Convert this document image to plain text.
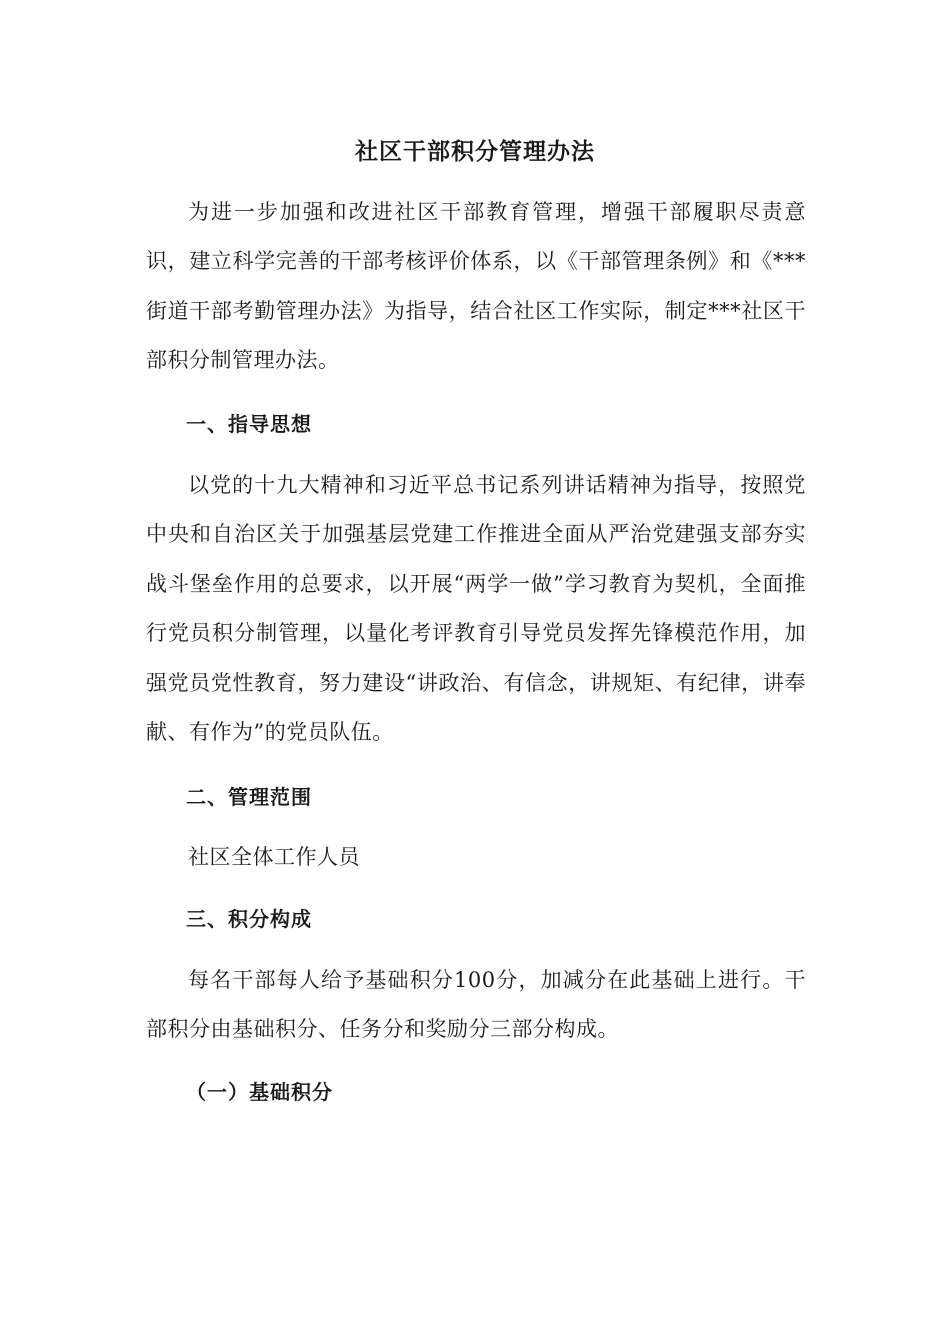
社区干部积分管理办法

为进一步加强和改进社区干部教育管理，增强干部履职尽责意识，建立科学完善的干部考核评价体系，以《干部管理条例》和《***街道干部考勤管理办法》为指导，结合社区工作实际，制定***社区干部积分制管理办法。

一、指导思想

以党的十九大精神和习近平总书记系列讲话精神为指导，按照党中央和自治区关于加强基层党建工作推进全面从严治党建强支部夯实战斗堡垒作用的总要求，以开展“两学一做”学习教育为契机，全面推行党员积分制管理，以量化考评教育引导党员发挥先锋模范作用，加强党员党性教育，努力建设“讲政治、有信念，讲规矩、有纪律，讲奉献、有作为”的党员队伍。

二、管理范围

社区全体工作人员

三、积分构成

每名干部每人给予基础积分100分，加减分在此基础上进行。干部积分由基础积分、任务分和奖励分三部分构成。

（一）基础积分
